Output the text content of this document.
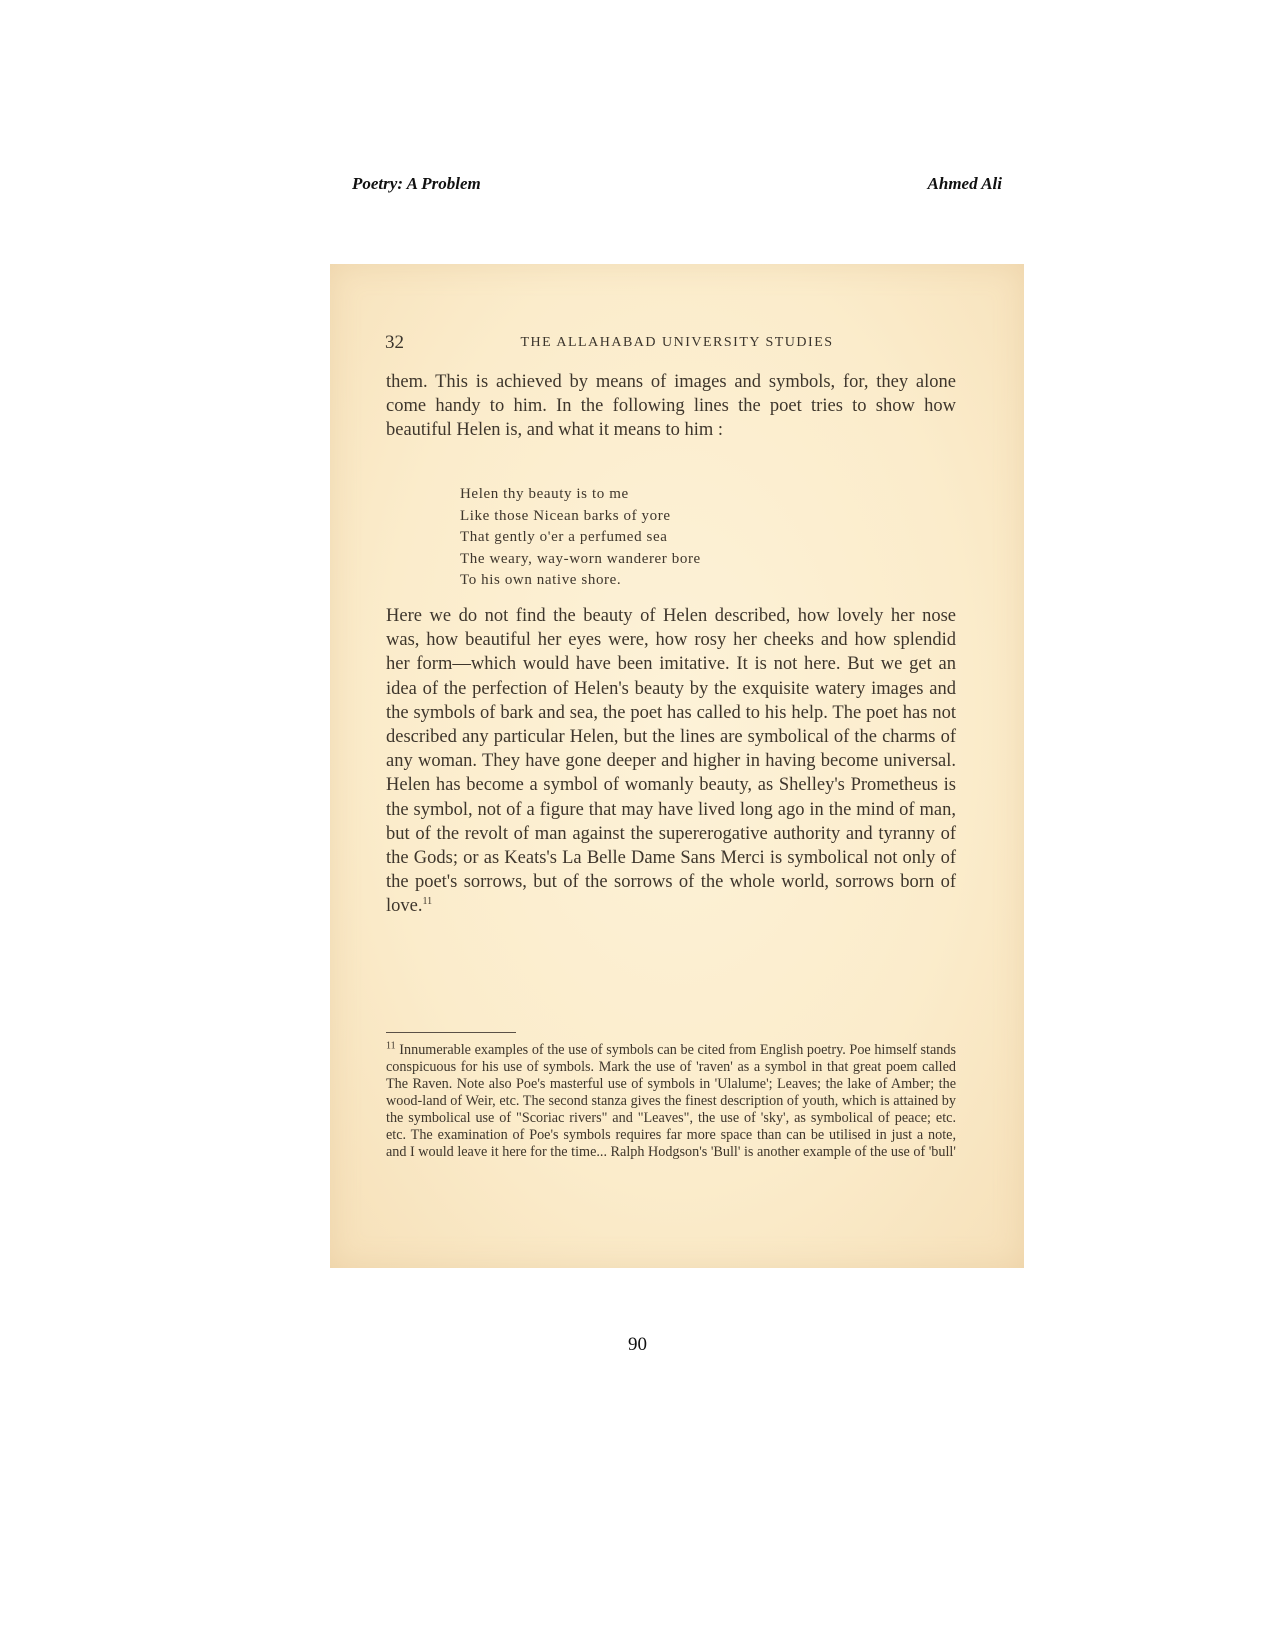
Poetry: A Problem	Ahmed Ali
32	THE ALLAHABAD UNIVERSITY STUDIES

them. This is achieved by means of images and symbols, for, they alone come handy to him. In the following lines the poet tries to show how beautiful Helen is, and what it means to him :

Helen thy beauty is to me
Like those Nicean barks of yore
That gently o'er a perfumed sea
The weary, way-worn wanderer bore
To his own native shore.

Here we do not find the beauty of Helen described, how lovely her nose was, how beautiful her eyes were, how rosy her cheeks and how splendid her form—which would have been imitative. It is not here. But we get an idea of the perfection of Helen's beauty by the exquisite watery images and the symbols of bark and sea, the poet has called to his help. The poet has not described any particular Helen, but the lines are symbolical of the charms of any woman. They have gone deeper and higher in having become universal. Helen has become a symbol of womanly beauty, as Shelley's Prometheus is the symbol, not of a figure that may have lived long ago in the mind of man, but of the revolt of man against the supererogative authority and tyranny of the Gods; or as Keats's La Belle Dame Sans Merci is symbolical not only of the poet's sorrows, but of the sorrows of the whole world, sorrows born of love.$^{11}$

$^{11}$ Innumerable examples of the use of symbols can be cited from English poetry. Poe himself stands conspicuous for his use of symbols. Mark the use of 'raven' as a symbol in that great poem called The Raven. Note also Poe's masterful use of symbols in 'Ulalume'; Leaves; the lake of Amber; the wood-land of Weir, etc. The second stanza gives the finest description of youth, which is attained by the symbolical use of "Scoriac rivers" and "Leaves", the use of 'sky', as symbolical of peace; etc. etc. The examination of Poe's symbols requires far more space than can be utilised in just a note, and I would leave it here for the time... Ralph Hodgson's 'Bull' is another example of the use of 'bull'

90
